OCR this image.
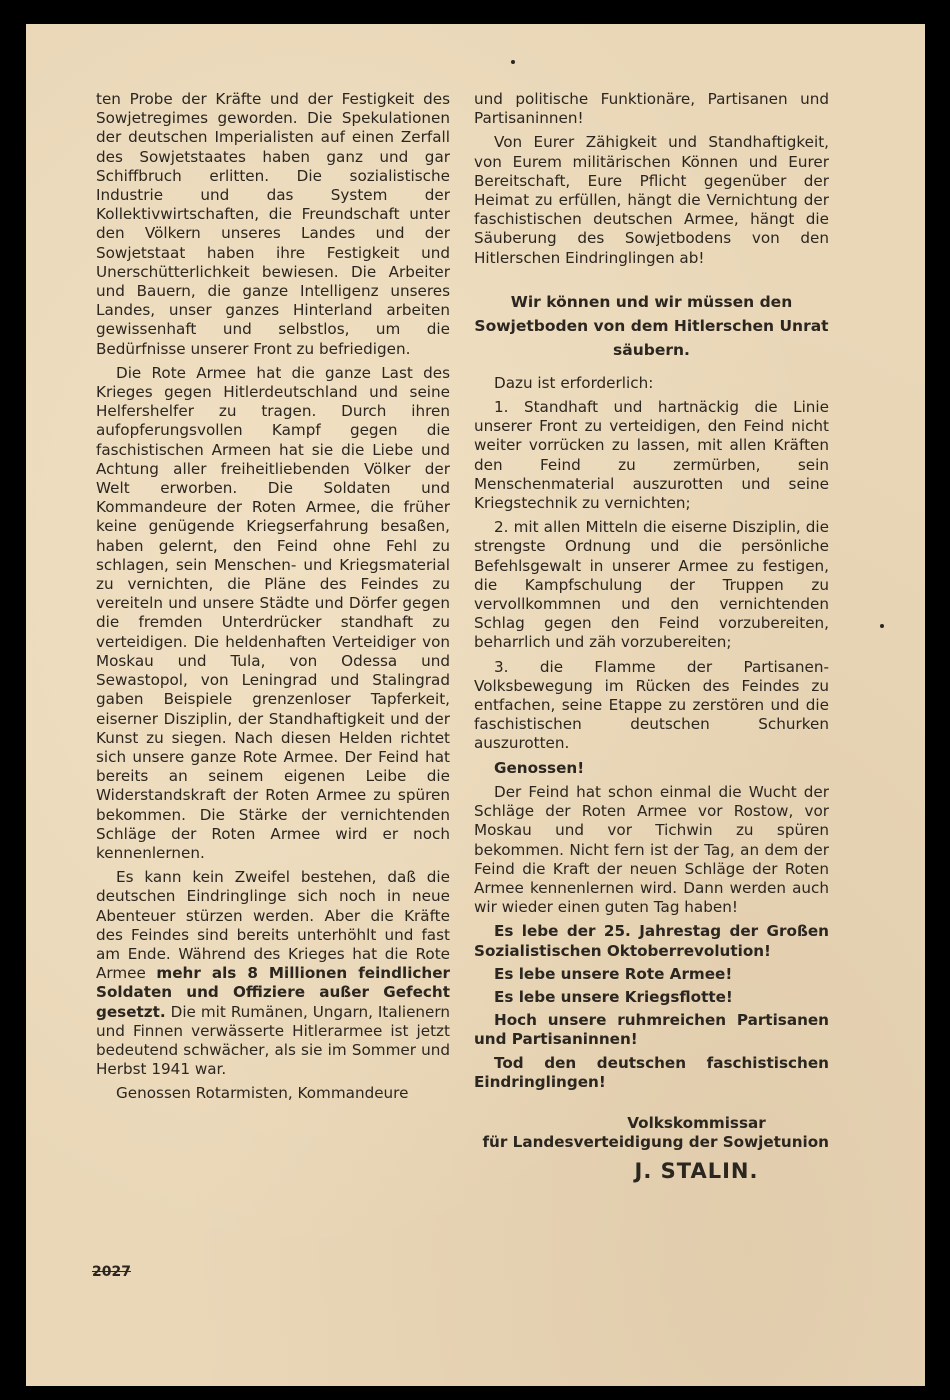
ten Probe der Kräfte und der Festigkeit des Sowjetregimes geworden. Die Spekulationen der deutschen Imperialisten auf einen Zerfall des Sowjetstaates haben ganz und gar Schiffbruch erlitten. Die sozialistische Industrie und das System der Kollektivwirtschaften, die Freundschaft unter den Völkern unseres Landes und der Sowjetstaat haben ihre Festigkeit und Unerschütterlichkeit bewiesen. Die Arbeiter und Bauern, die ganze Intelligenz unseres Landes, unser ganzes Hinterland arbeiten gewissenhaft und selbstlos, um die Bedürfnisse unserer Front zu befriedigen.

Die Rote Armee hat die ganze Last des Krieges gegen Hitlerdeutschland und seine Helfershelfer zu tragen. Durch ihren aufopferungsvollen Kampf gegen die faschistischen Armeen hat sie die Liebe und Achtung aller freiheitliebenden Völker der Welt erworben. Die Soldaten und Kommandeure der Roten Armee, die früher keine genügende Kriegserfahrung besaßen, haben gelernt, den Feind ohne Fehl zu schlagen, sein Menschen- und Kriegsmaterial zu vernichten, die Pläne des Feindes zu vereiteln und unsere Städte und Dörfer gegen die fremden Unterdrücker standhaft zu verteidigen. Die heldenhaften Verteidiger von Moskau und Tula, von Odessa und Sewastopol, von Leningrad und Stalingrad gaben Beispiele grenzenloser Tapferkeit, eiserner Disziplin, der Standhaftigkeit und der Kunst zu siegen. Nach diesen Helden richtet sich unsere ganze Rote Armee. Der Feind hat bereits an seinem eigenen Leibe die Widerstandskraft der Roten Armee zu spüren bekommen. Die Stärke der vernichtenden Schläge der Roten Armee wird er noch kennenlernen.

Es kann kein Zweifel bestehen, daß die deutschen Eindringlinge sich noch in neue Abenteuer stürzen werden. Aber die Kräfte des Feindes sind bereits unterhöhlt und fast am Ende. Während des Krieges hat die Rote Armee mehr als 8 Millionen feindlicher Soldaten und Offiziere außer Gefecht gesetzt. Die mit Rumänen, Ungarn, Italienern und Finnen verwässerte Hitlerarmee ist jetzt bedeutend schwächer, als sie im Sommer und Herbst 1941 war.

Genossen Rotarmisten, Kommandeure

und politische Funktionäre, Partisanen und Partisaninnen!

Von Eurer Zähigkeit und Standhaftigkeit, von Eurem militärischen Können und Eurer Bereitschaft, Eure Pflicht gegenüber der Heimat zu erfüllen, hängt die Vernichtung der faschistischen deutschen Armee, hängt die Säuberung des Sowjetbodens von den Hitlerschen Eindringlingen ab!

Wir können und wir müssen den Sowjetboden von dem Hitlerschen Unrat säubern.

Dazu ist erforderlich:

1. Standhaft und hartnäckig die Linie unserer Front zu verteidigen, den Feind nicht weiter vorrücken zu lassen, mit allen Kräften den Feind zu zermürben, sein Menschenmaterial auszurotten und seine Kriegstechnik zu vernichten;

2. mit allen Mitteln die eiserne Disziplin, die strengste Ordnung und die persönliche Befehlsgewalt in unserer Armee zu festigen, die Kampfschulung der Truppen zu vervollkommnen und den vernichtenden Schlag gegen den Feind vorzubereiten, beharrlich und zäh vorzubereiten;

3. die Flamme der Partisanen-Volksbewegung im Rücken des Feindes zu entfachen, seine Etappe zu zerstören und die faschistischen deutschen Schurken auszurotten.

Genossen!

Der Feind hat schon einmal die Wucht der Schläge der Roten Armee vor Rostow, vor Moskau und vor Tichwin zu spüren bekommen. Nicht fern ist der Tag, an dem der Feind die Kraft der neuen Schläge der Roten Armee kennenlernen wird. Dann werden auch wir wieder einen guten Tag haben!

Es lebe der 25. Jahrestag der Großen Sozialistischen Oktoberrevolution!

Es lebe unsere Rote Armee!

Es lebe unsere Kriegsflotte!

Hoch unsere ruhmreichen Partisanen und Partisaninnen!

Tod den deutschen faschistischen Eindringlingen!

Volkskommissar
für Landesverteidigung der Sowjetunion
J. STALIN.
2027
